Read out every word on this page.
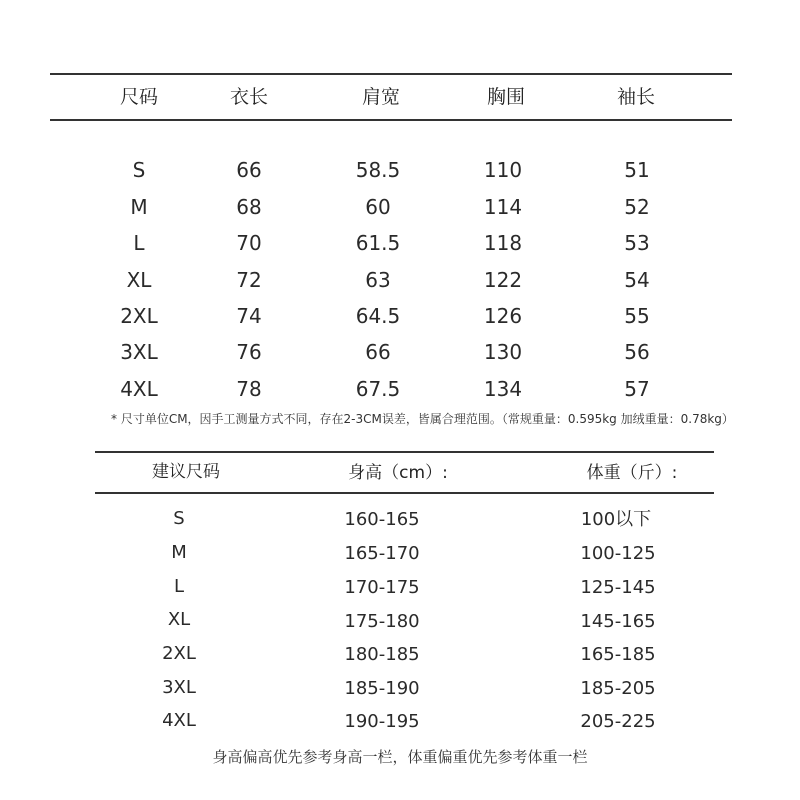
尺码	衣长	肩宽	胸围	袖长
S	66	58.5	110	51
M	68	60	114	52
L	70	61.5	118	53
XL	72	63	122	54
2XL	74	64.5	126	55
3XL	76	66	130	56
4XL	78	67.5	134	57
* 尺寸单位CM，因手工测量方式不同，存在2-3CM误差，皆属合理范围。（常规重量：0.595kg 加绒重量：0.78kg）
建议尺码	身高（cm）:	体重（斤）:
S	160-165	100以下
M	165-170	100-125
L	170-175	125-145
XL	175-180	145-165
2XL	180-185	165-185
3XL	185-190	185-205
4XL	190-195	205-225
身高偏高优先参考身高一栏，体重偏重优先参考体重一栏
